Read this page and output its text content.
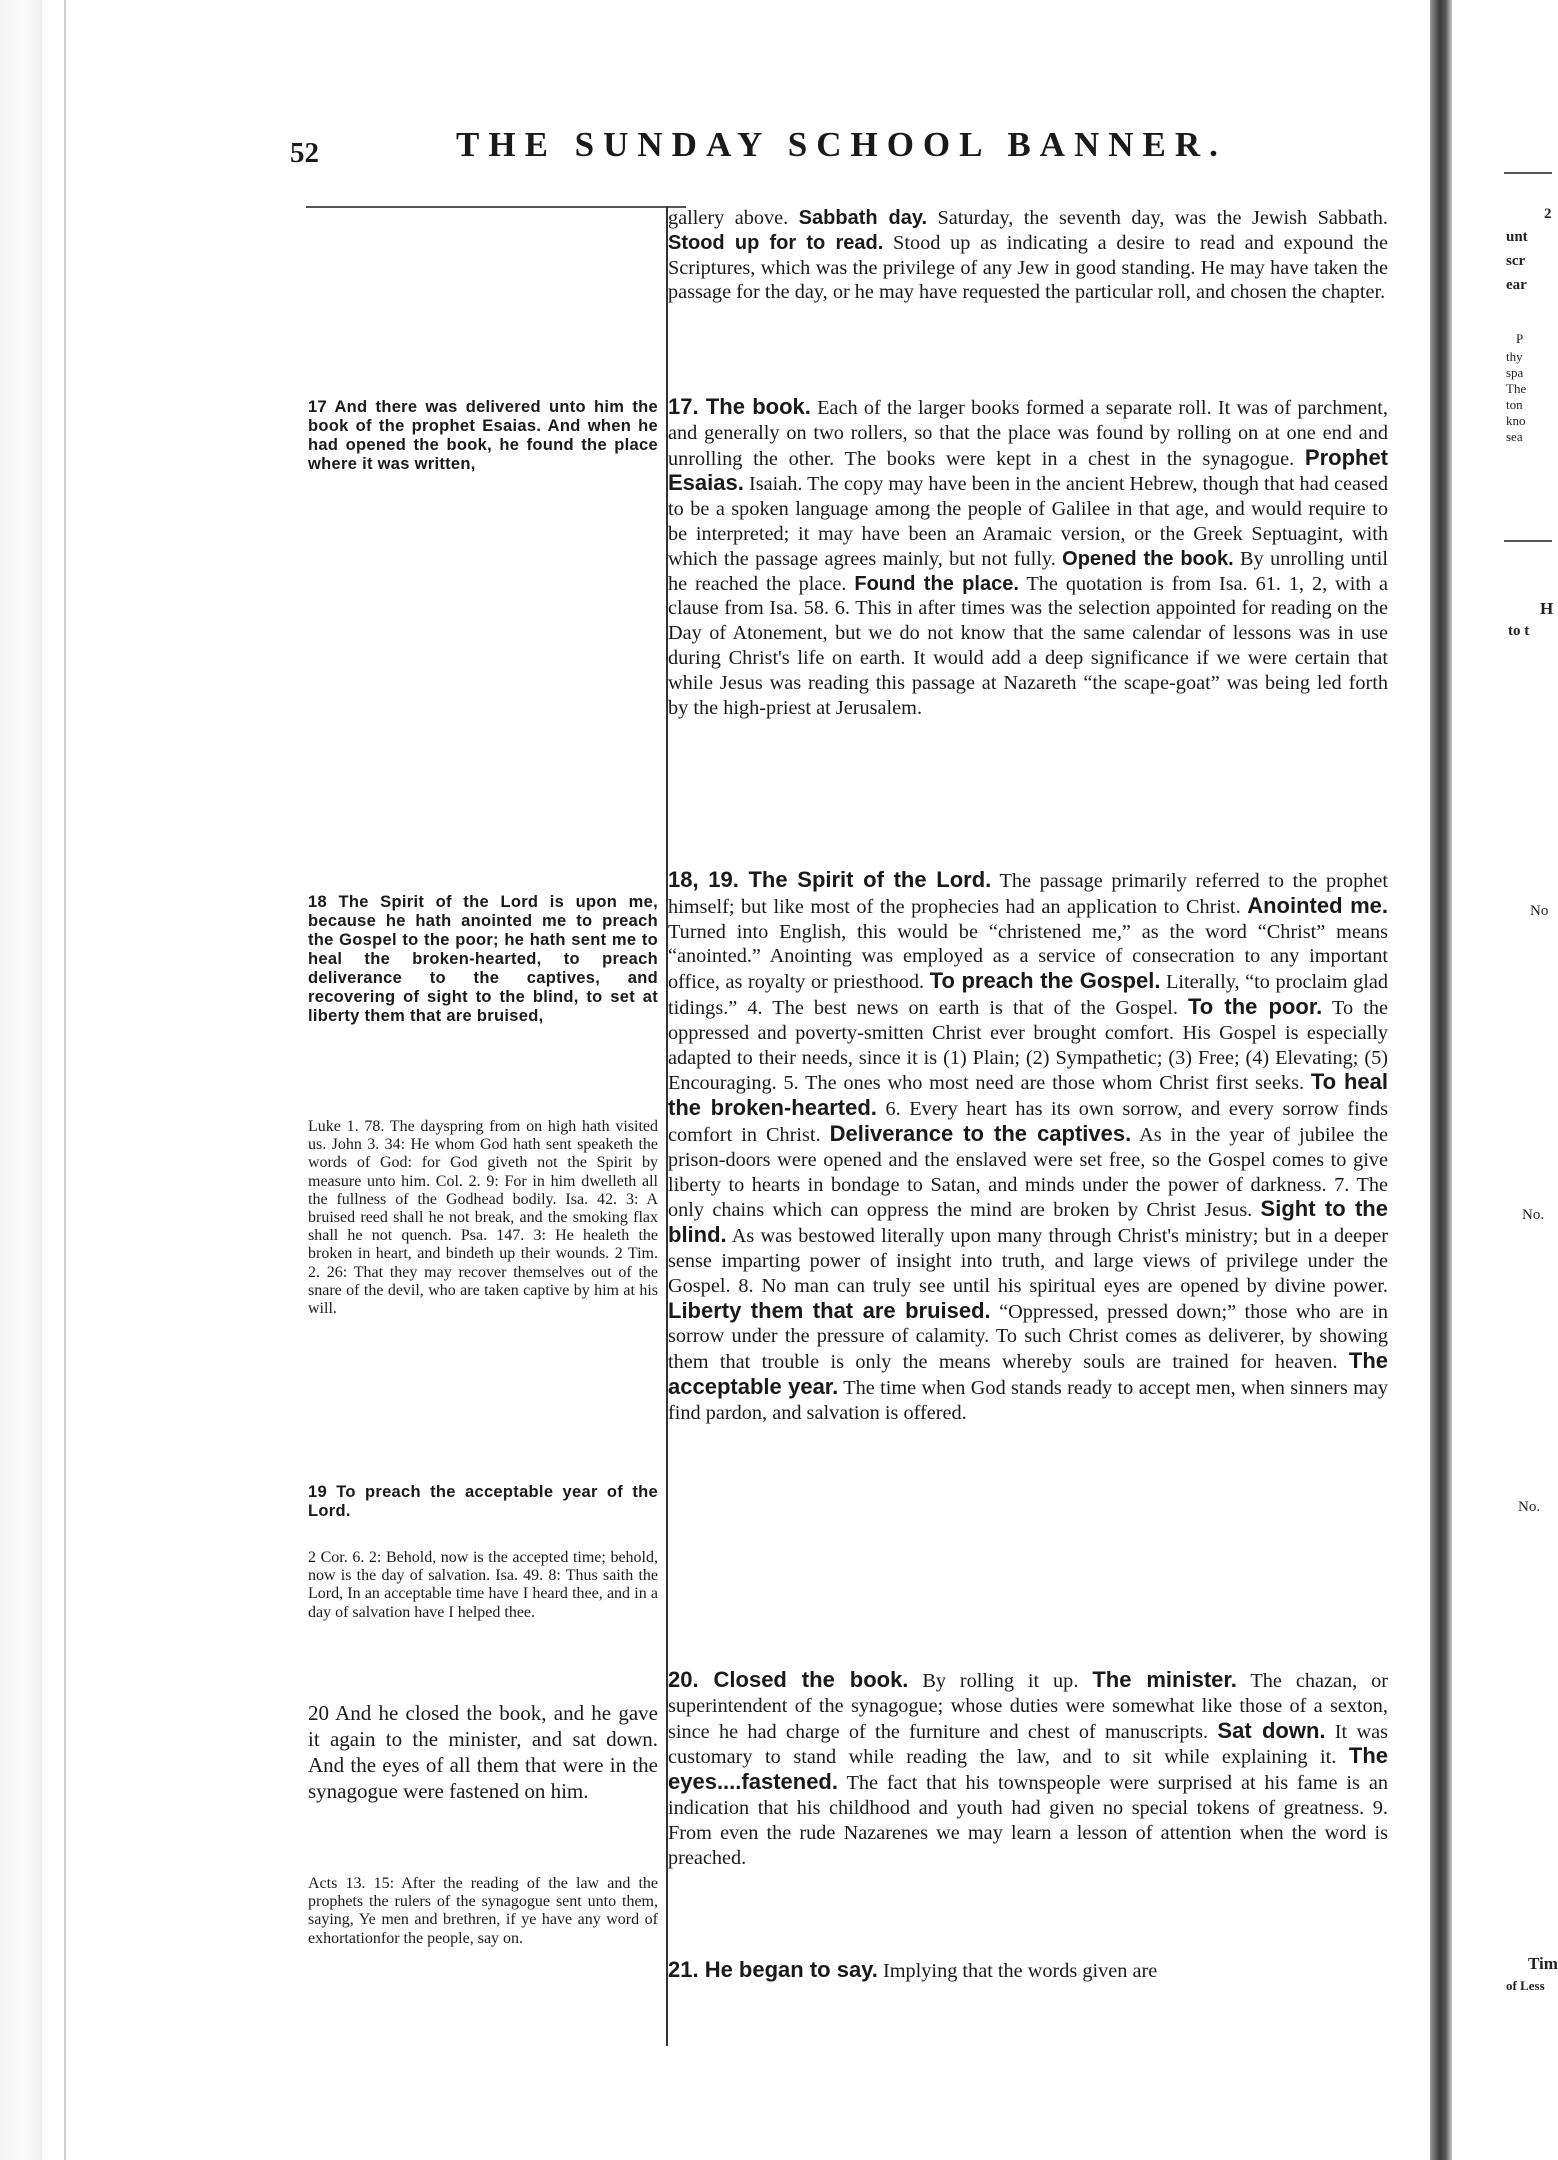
52	THE SUNDAY SCHOOL BANNER.
17 And there was delivered unto him the book of the prophet Esaias. And when he had opened the book, he found the place where it was written,
18 The Spirit of the Lord is upon me, because he hath anointed me to preach the Gospel to the poor; he hath sent me to heal the broken-hearted, to preach deliverance to the captives, and recovering of sight to the blind, to set at liberty them that are bruised,
Luke 1. 78. The dayspring from on high hath visited us. John 3. 34: He whom God hath sent speaketh the words of God: for God giveth not the Spirit by measure unto him. Col. 2. 9: For in him dwelleth all the fullness of the Godhead bodily. Isa. 42. 3: A bruised reed shall he not break, and the smoking flax shall he not quench. Psa. 147. 3: He healeth the broken in heart, and bindeth up their wounds. 2 Tim. 2. 26: That they may recover themselves out of the snare of the devil, who are taken captive by him at his will.
19 To preach the acceptable year of the Lord.
2 Cor. 6. 2: Behold, now is the accepted time; behold, now is the day of salvation. Isa. 49. 8: Thus saith the Lord, In an acceptable time have I heard thee, and in a day of salvation have I helped thee.
20 And he closed the book, and he gave it again to the minister, and sat down. And the eyes of all them that were in the synagogue were fastened on him.
Acts 13. 15: After the reading of the law and the prophets the rulers of the synagogue sent unto them, saying, Ye men and brethren, if ye have any word of exhortationfor the people, say on.

gallery above. Sabbath day. Saturday, the seventh day, was the Jewish Sabbath. Stood up for to read. Stood up as indicating a desire to read and expound the Scriptures, which was the privilege of any Jew in good standing. He may have taken the passage for the day, or he may have requested the particular roll, and chosen the chapter.

17. The book. Each of the larger books formed a separate roll. It was of parchment, and generally on two rollers, so that the place was found by rolling on at one end and unrolling the other. The books were kept in a chest in the synagogue. Prophet Esaias. Isaiah. The copy may have been in the ancient Hebrew, though that had ceased to be a spoken language among the people of Galilee in that age, and would require to be interpreted; it may have been an Aramaic version, or the Greek Septuagint, with which the passage agrees mainly, but not fully. Opened the book. By unrolling until he reached the place. Found the place. The quotation is from Isa. 61. 1, 2, with a clause from Isa. 58. 6. This in after times was the selection appointed for reading on the Day of Atonement, but we do not know that the same calendar of lessons was in use during Christ's life on earth. It would add a deep significance if we were certain that while Jesus was reading this passage at Nazareth “the scape-goat” was being led forth by the high-priest at Jerusalem.

18, 19. The Spirit of the Lord. The passage primarily referred to the prophet himself; but like most of the prophecies had an application to Christ. Anointed me. Turned into English, this would be “christened me,” as the word “Christ” means “anointed.” Anointing was employed as a service of consecration to any important office, as royalty or priesthood. To preach the Gospel. Literally, “to proclaim glad tidings.” 4. The best news on earth is that of the Gospel. To the poor. To the oppressed and poverty-smitten Christ ever brought comfort. His Gospel is especially adapted to their needs, since it is (1) Plain; (2) Sympathetic; (3) Free; (4) Elevating; (5) Encouraging. 5. The ones who most need are those whom Christ first seeks. To heal the broken-hearted. 6. Every heart has its own sorrow, and every sorrow finds comfort in Christ. Deliverance to the captives. As in the year of jubilee the prison-doors were opened and the enslaved were set free, so the Gospel comes to give liberty to hearts in bondage to Satan, and minds under the power of darkness. 7. The only chains which can oppress the mind are broken by Christ Jesus. Sight to the blind. As was bestowed literally upon many through Christ's ministry; but in a deeper sense imparting power of insight into truth, and large views of privilege under the Gospel. 8. No man can truly see until his spiritual eyes are opened by divine power. Liberty them that are bruised. “Oppressed, pressed down;” those who are in sorrow under the pressure of calamity. To such Christ comes as deliverer, by showing them that trouble is only the means whereby souls are trained for heaven. The acceptable year. The time when God stands ready to accept men, when sinners may find pardon, and salvation is offered.

20. Closed the book. By rolling it up. The minister. The chazan, or superintendent of the synagogue; whose duties were somewhat like those of a sexton, since he had charge of the furniture and chest of manuscripts. Sat down. It was customary to stand while reading the law, and to sit while explaining it. The eyes....fastened. The fact that his townspeople were surprised at his fame is an indication that his childhood and youth had given no special tokens of greatness. 9. From even the rude Nazarenes we may learn a lesson of attention when the word is preached.

21. He began to say. Implying that the words given are

2
unt
scr
ear
P
thy
spa
The
ton
kno
sea
H
to t
No
No.
No.
Tim
of Less
